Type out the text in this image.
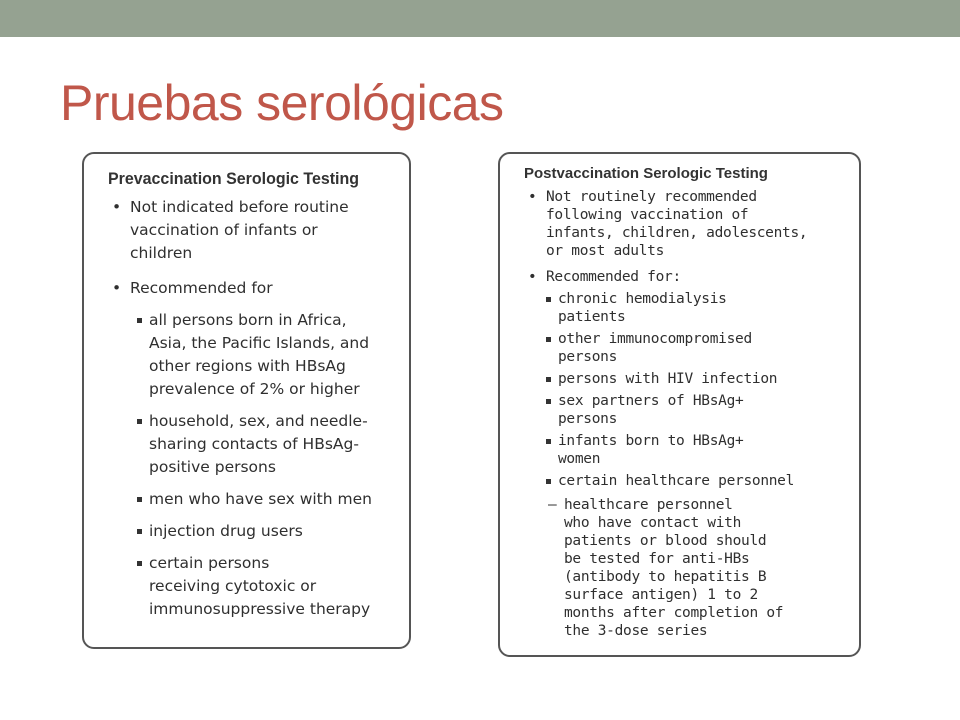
Pruebas serológicas
Prevaccination Serologic Testing
• Not indicated before routine
vaccination of infants or
children
• Recommended for
all persons born in Africa,
Asia, the Pacific Islands, and
other regions with HBsAg
prevalence of 2% or higher
household, sex, and needle-
sharing contacts of HBsAg-
positive persons
men who have sex with men
injection drug users
certain persons
receiving cytotoxic or
immunosuppressive therapy
Postvaccination Serologic Testing
• Not routinely recommended
following vaccination of
infants, children, adolescents,
or most adults
• Recommended for:
chronic hemodialysis
patients
other immunocompromised
persons
persons with HIV infection
sex partners of HBsAg+
persons
infants born to HBsAg+
women
certain healthcare personnel
– healthcare personnel
who have contact with
patients or blood should
be tested for anti-HBs
(antibody to hepatitis B
surface antigen) 1 to 2
months after completion of
the 3-dose series
